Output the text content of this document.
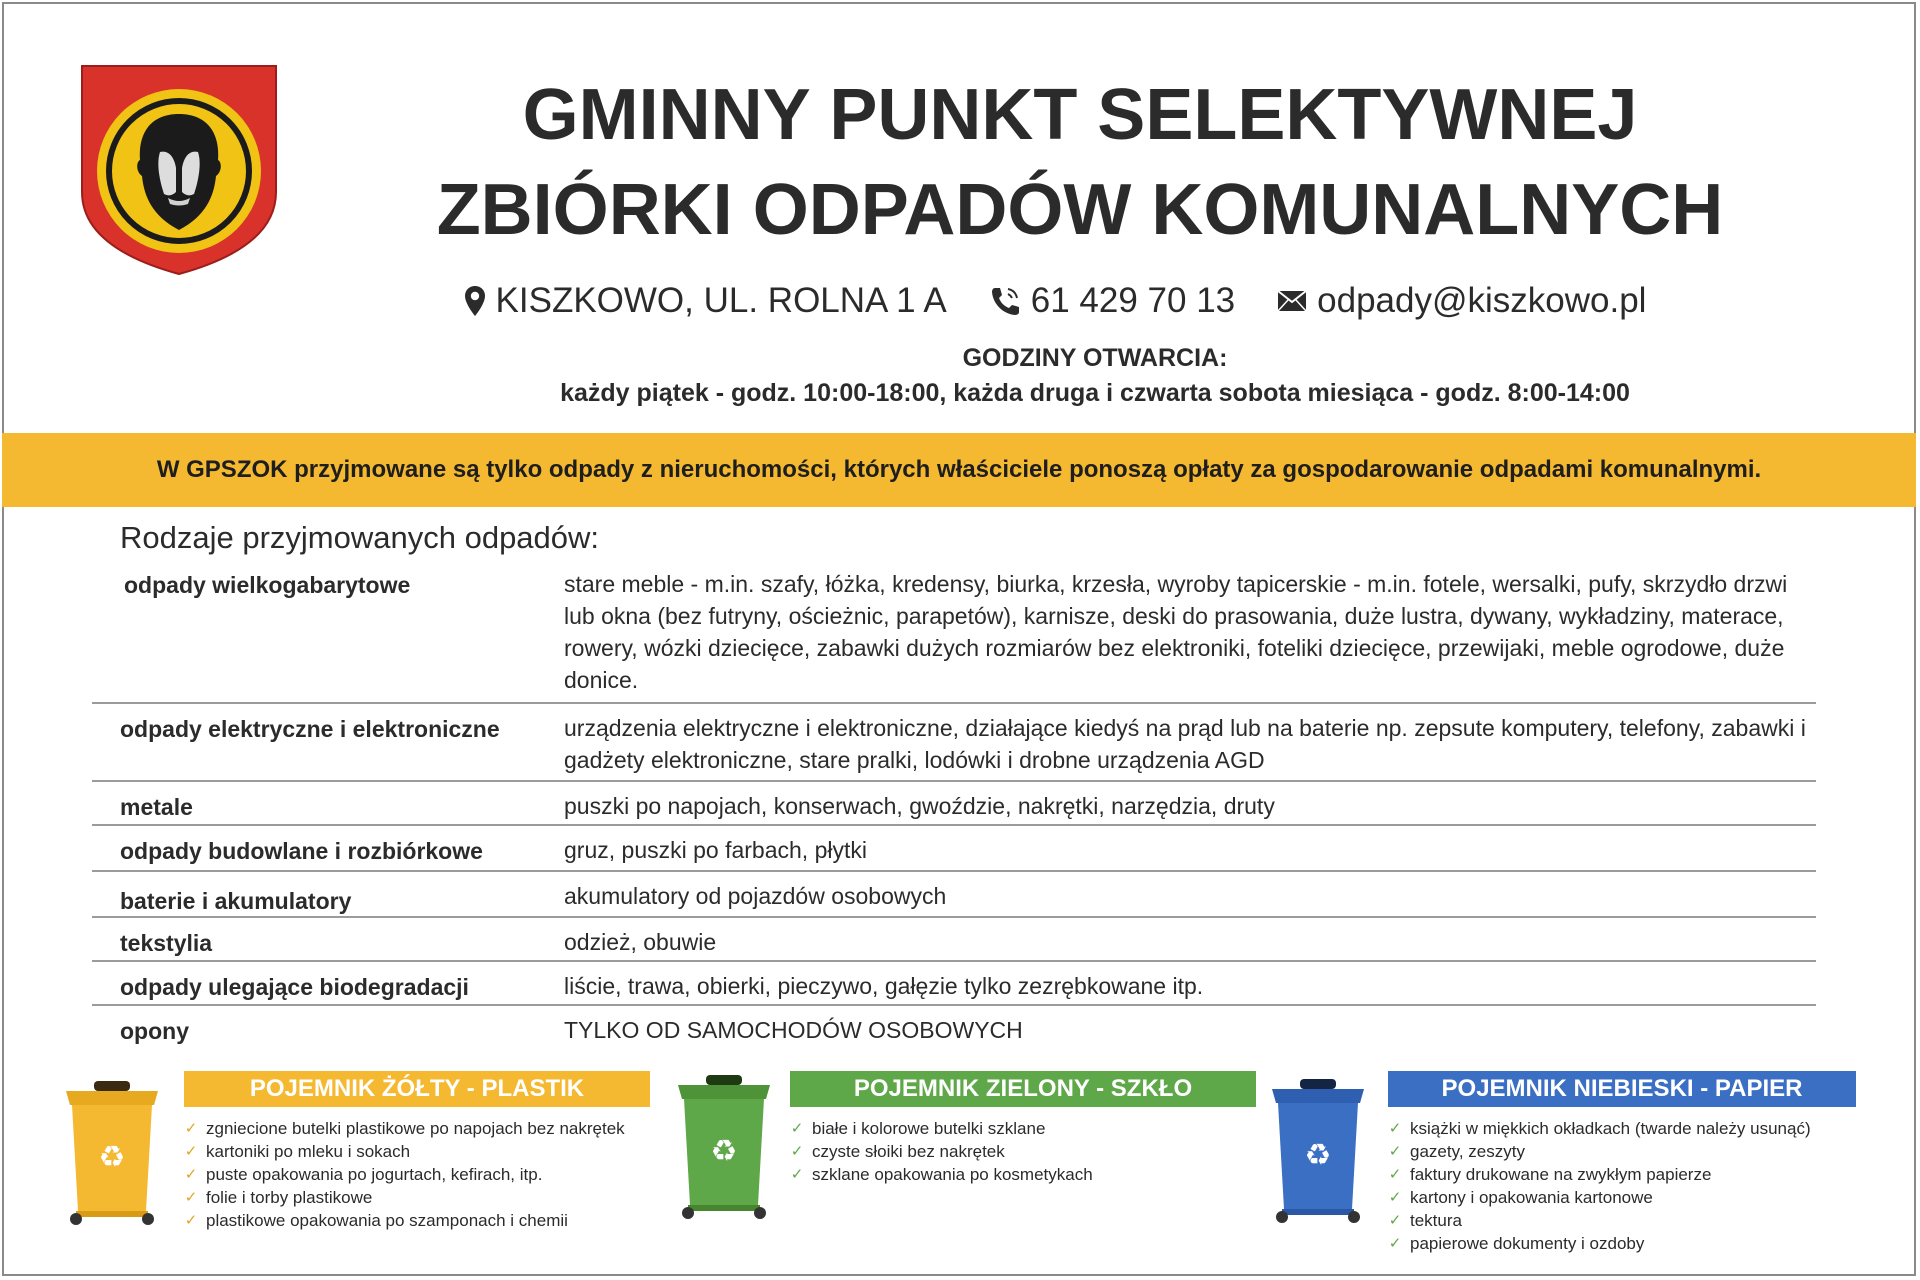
GMINNY PUNKT SELEKTYWNEJ
ZBIÓRKI ODPADÓW KOMUNALNYCH
KISZKOWO, UL. ROLNA 1 A 61 429 70 13 odpady@kiszkowo.pl
GODZINY OTWARCIA:
każdy piątek - godz. 10:00-18:00, każda druga i czwarta sobota miesiąca - godz. 8:00-14:00
W GPSZOK przyjmowane są tylko odpady z nieruchomości, których właściciele ponoszą opłaty za gospodarowanie odpadami komunalnymi.
Rodzaje przyjmowanych odpadów:
odpady wielkogabarytowe	stare meble - m.in. szafy, łóżka, kredensy, biurka, krzesła, wyroby tapicerskie - m.in. fotele, wersalki, pufy, skrzydło drzwi lub okna (bez futryny, ościeżnic, parapetów), karnisze, deski do prasowania, duże lustra, dywany, wykładziny, materace, rowery, wózki dziecięce, zabawki dużych rozmiarów bez elektroniki, foteliki dziecięce, przewijaki, meble ogrodowe, duże donice.
odpady elektryczne i elektroniczne	urządzenia elektryczne i elektroniczne, działające kiedyś na prąd lub na baterie np. zepsute komputery, telefony, zabawki i gadżety elektroniczne, stare pralki, lodówki i drobne urządzenia AGD
metale	puszki po napojach, konserwach, gwoździe, nakrętki, narzędzia, druty
odpady budowlane i rozbiórkowe	gruz, puszki po farbach, płytki
baterie i akumulatory	akumulatory od pojazdów osobowych
tekstylia	odzież, obuwie
odpady ulegające biodegradacji	liście, trawa, obierki, pieczywo, gałęzie tylko zezrębkowane itp.
opony	TYLKO OD SAMOCHODÓW OSOBOWYCH
♻
POJEMNIK ŻÓŁTY - PLASTIK
✓ zgniecione butelki plastikowe po napojach bez nakrętek
✓ kartoniki po mleku i sokach
✓ puste opakowania po jogurtach, kefirach, itp.
✓ folie i torby plastikowe
✓ plastikowe opakowania po szamponach i chemii
♻
POJEMNIK ZIELONY - SZKŁO
✓ białe i kolorowe butelki szklane
✓ czyste słoiki bez nakrętek
✓ szklane opakowania po kosmetykach
♻
POJEMNIK NIEBIESKI - PAPIER
✓ książki w miękkich okładkach (twarde należy usunąć)
✓ gazety, zeszyty
✓ faktury drukowane na zwykłym papierze
✓ kartony i opakowania kartonowe
✓ tektura
✓ papierowe dokumenty i ozdoby
